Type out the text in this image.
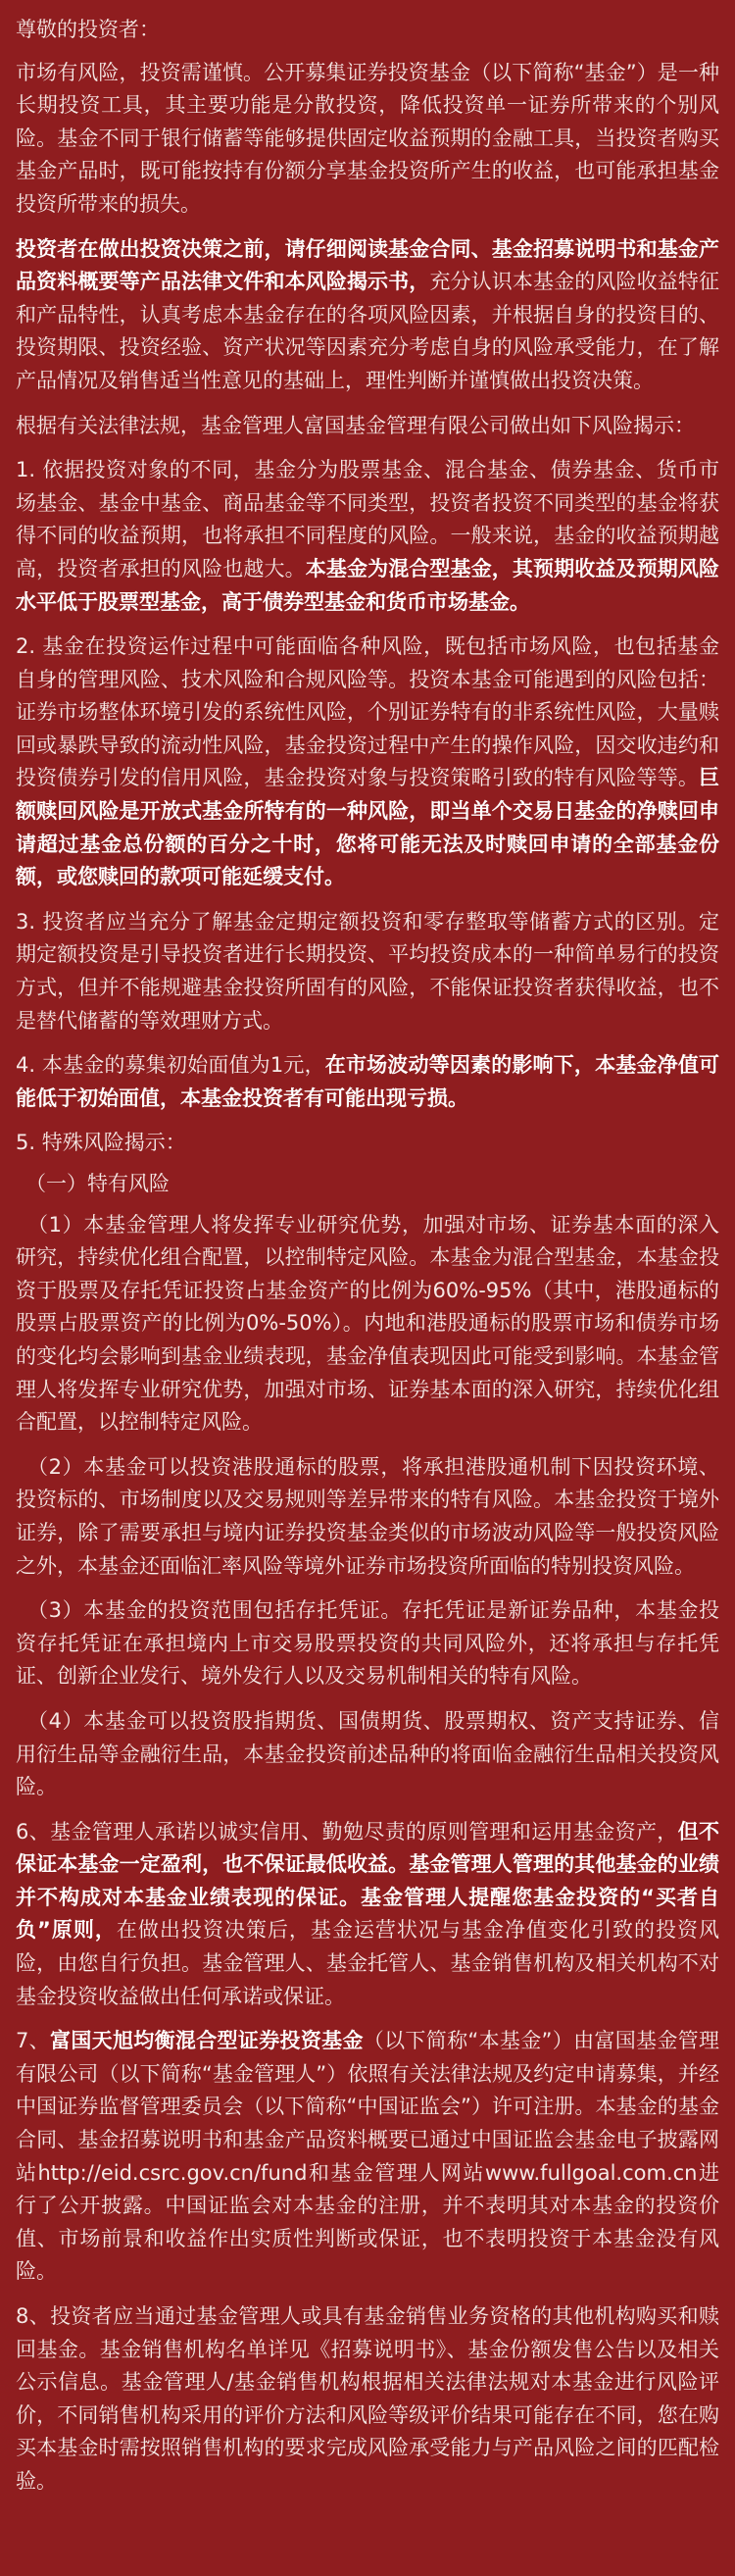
尊敬的投资者：

市场有风险，投资需谨慎。公开募集证券投资基金（以下简称“基金”）是一种长期投资工具，其主要功能是分散投资，降低投资单一证券所带来的个别风险。基金不同于银行储蓄等能够提供固定收益预期的金融工具，当投资者购买基金产品时，既可能按持有份额分享基金投资所产生的收益，也可能承担基金投资所带来的损失。

投资者在做出投资决策之前，请仔细阅读基金合同、基金招募说明书和基金产品资料概要等产品法律文件和本风险揭示书，充分认识本基金的风险收益特征和产品特性，认真考虑本基金存在的各项风险因素，并根据自身的投资目的、投资期限、投资经验、资产状况等因素充分考虑自身的风险承受能力，在了解产品情况及销售适当性意见的基础上，理性判断并谨慎做出投资决策。

根据有关法律法规，基金管理人富国基金管理有限公司做出如下风险揭示：

1. 依据投资对象的不同，基金分为股票基金、混合基金、债券基金、货币市场基金、基金中基金、商品基金等不同类型，投资者投资不同类型的基金将获得不同的收益预期，也将承担不同程度的风险。一般来说，基金的收益预期越高，投资者承担的风险也越大。本基金为混合型基金，其预期收益及预期风险水平低于股票型基金，高于债券型基金和货币市场基金。

2. 基金在投资运作过程中可能面临各种风险，既包括市场风险，也包括基金自身的管理风险、技术风险和合规风险等。投资本基金可能遇到的风险包括：证券市场整体环境引发的系统性风险，个别证券特有的非系统性风险，大量赎回或暴跌导致的流动性风险，基金投资过程中产生的操作风险，因交收违约和投资债券引发的信用风险，基金投资对象与投资策略引致的特有风险等等。巨额赎回风险是开放式基金所特有的一种风险，即当单个交易日基金的净赎回申请超过基金总份额的百分之十时，您将可能无法及时赎回申请的全部基金份额，或您赎回的款项可能延缓支付。

3. 投资者应当充分了解基金定期定额投资和零存整取等储蓄方式的区别。定期定额投资是引导投资者进行长期投资、平均投资成本的一种简单易行的投资方式，但并不能规避基金投资所固有的风险，不能保证投资者获得收益，也不是替代储蓄的等效理财方式。

4. 本基金的募集初始面值为1元，在市场波动等因素的影响下，本基金净值可能低于初始面值，本基金投资者有可能出现亏损。

5. 特殊风险揭示：

（一）特有风险

（1）本基金管理人将发挥专业研究优势，加强对市场、证券基本面的深入研究，持续优化组合配置，以控制特定风险。本基金为混合型基金，本基金投资于股票及存托凭证投资占基金资产的比例为60%-95%（其中，港股通标的股票占股票资产的比例为0%-50%）。内地和港股通标的股票市场和债券市场的变化均会影响到基金业绩表现，基金净值表现因此可能受到影响。本基金管理人将发挥专业研究优势，加强对市场、证券基本面的深入研究，持续优化组合配置，以控制特定风险。

（2）本基金可以投资港股通标的股票，将承担港股通机制下因投资环境、投资标的、市场制度以及交易规则等差异带来的特有风险。本基金投资于境外证券，除了需要承担与境内证券投资基金类似的市场波动风险等一般投资风险之外，本基金还面临汇率风险等境外证券市场投资所面临的特别投资风险。

（3）本基金的投资范围包括存托凭证。存托凭证是新证券品种，本基金投资存托凭证在承担境内上市交易股票投资的共同风险外，还将承担与存托凭证、创新企业发行、境外发行人以及交易机制相关的特有风险。

（4）本基金可以投资股指期货、国债期货、股票期权、资产支持证券、信用衍生品等金融衍生品，本基金投资前述品种的将面临金融衍生品相关投资风险。

6、基金管理人承诺以诚实信用、勤勉尽责的原则管理和运用基金资产，但不保证本基金一定盈利，也不保证最低收益。基金管理人管理的其他基金的业绩并不构成对本基金业绩表现的保证。基金管理人提醒您基金投资的“买者自负”原则，在做出投资决策后，基金运营状况与基金净值变化引致的投资风险，由您自行负担。基金管理人、基金托管人、基金销售机构及相关机构不对基金投资收益做出任何承诺或保证。

7、富国天旭均衡混合型证券投资基金（以下简称“本基金”）由富国基金管理有限公司（以下简称“基金管理人”）依照有关法律法规及约定申请募集，并经中国证券监督管理委员会（以下简称“中国证监会”）许可注册。本基金的基金合同、基金招募说明书和基金产品资料概要已通过中国证监会基金电子披露网站http://eid.csrc.gov.cn/fund和基金管理人网站www.fullgoal.com.cn进行了公开披露。中国证监会对本基金的注册，并不表明其对本基金的投资价值、市场前景和收益作出实质性判断或保证，也不表明投资于本基金没有风险。

8、投资者应当通过基金管理人或具有基金销售业务资格的其他机构购买和赎回基金。基金销售机构名单详见《招募说明书》、基金份额发售公告以及相关公示信息。基金管理人/基金销售机构根据相关法律法规对本基金进行风险评价，不同销售机构采用的评价方法和风险等级评价结果可能存在不同，您在购买本基金时需按照销售机构的要求完成风险承受能力与产品风险之间的匹配检验。
